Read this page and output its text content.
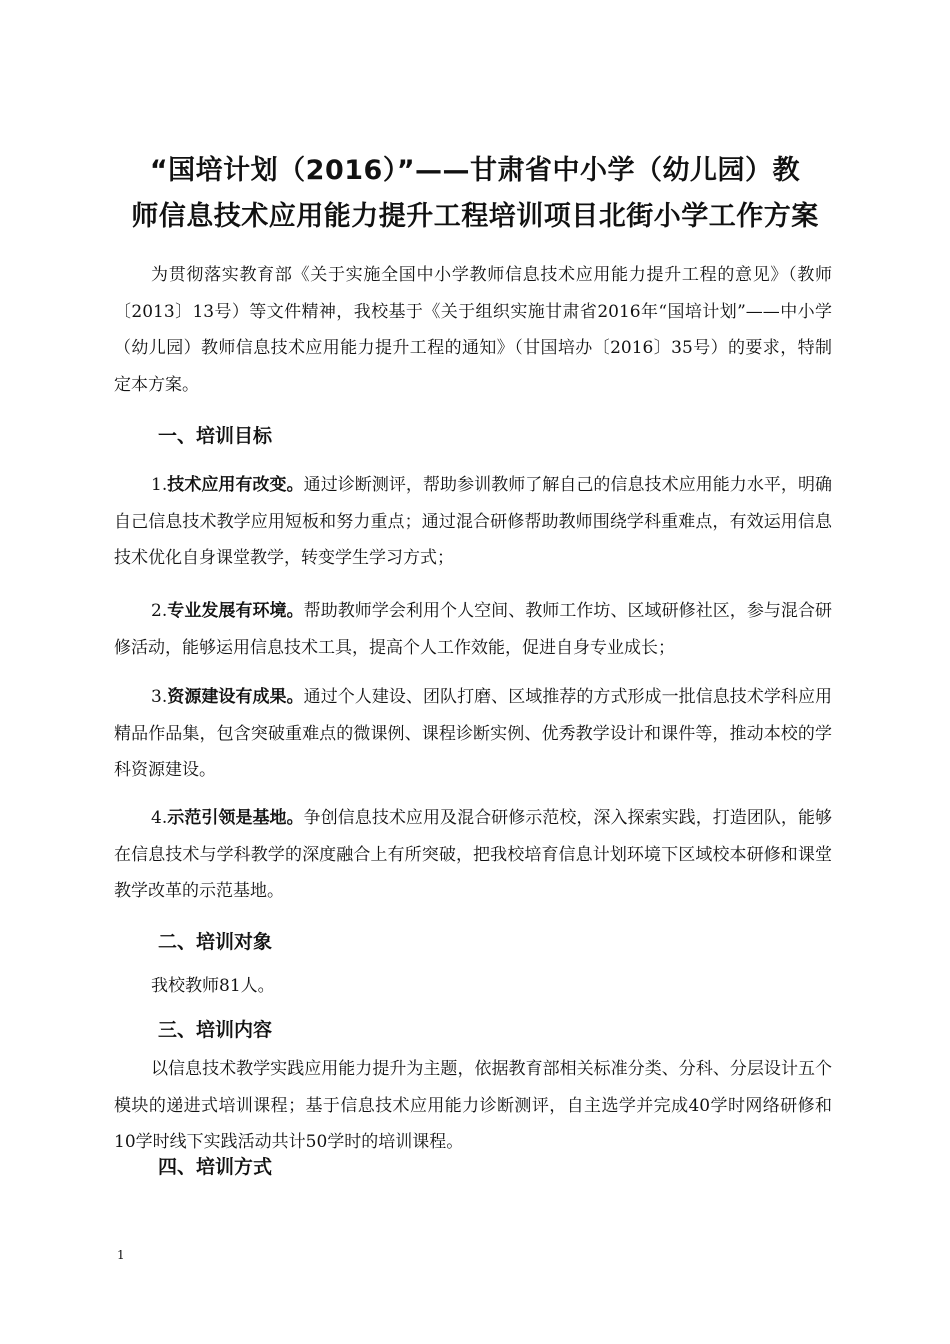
“国培计划（2016）”——甘肃省中小学（幼儿园）教
师信息技术应用能力提升工程培训项目北街小学工作方案

为贯彻落实教育部《关于实施全国中小学教师信息技术应用能力提升工程的意见》（教师〔2013〕13号）等文件精神，我校基于《关于组织实施甘肃省2016年“国培计划”——中小学（幼儿园）教师信息技术应用能力提升工程的通知》（甘国培办〔2016〕35号）的要求，特制定本方案。

一、培训目标

1.技术应用有改变。通过诊断测评，帮助参训教师了解自己的信息技术应用能力水平，明确自己信息技术教学应用短板和努力重点；通过混合研修帮助教师围绕学科重难点，有效运用信息技术优化自身课堂教学，转变学生学习方式；

2.专业发展有环境。帮助教师学会利用个人空间、教师工作坊、区域研修社区，参与混合研修活动，能够运用信息技术工具，提高个人工作效能，促进自身专业成长；

3.资源建设有成果。通过个人建设、团队打磨、区域推荐的方式形成一批信息技术学科应用精品作品集，包含突破重难点的微课例、课程诊断实例、优秀教学设计和课件等，推动本校的学科资源建设。

4.示范引领是基地。争创信息技术应用及混合研修示范校，深入探索实践，打造团队，能够在信息技术与学科教学的深度融合上有所突破，把我校培育信息计划环境下区域校本研修和课堂教学改革的示范基地。

二、培训对象

我校教师81人。

三、培训内容

以信息技术教学实践应用能力提升为主题，依据教育部相关标准分类、分科、分层设计五个模块的递进式培训课程；基于信息技术应用能力诊断测评，自主选学并完成40学时网络研修和10学时线下实践活动共计50学时的培训课程。

四、培训方式
1
